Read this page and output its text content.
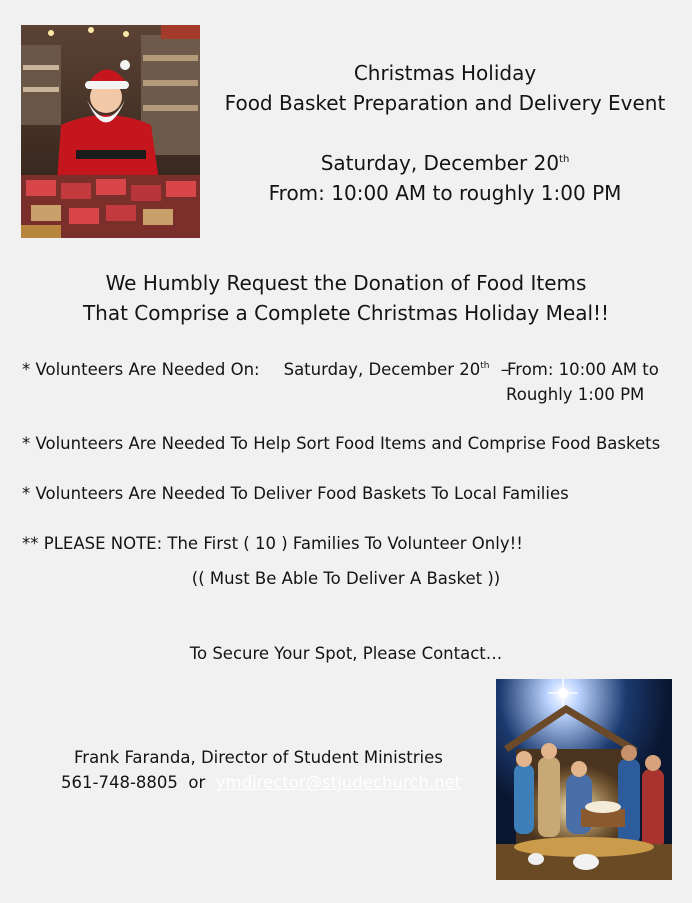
Christmas Holiday
Food Basket Preparation and Delivery Event
Saturday, December 20th
From: 10:00 AM to roughly 1:00 PM
We Humbly Request the Donation of Food Items
That Comprise a Complete Christmas Holiday Meal!!
* Volunteers Are Needed On: Saturday, December 20th –
From: 10:00 AM to
Roughly 1:00 PM
* Volunteers Are Needed To Help Sort Food Items and Comprise Food Baskets
* Volunteers Are Needed To Deliver Food Baskets To Local Families
** PLEASE NOTE: The First ( 10 ) Families To Volunteer Only!!
(( Must Be Able To Deliver A Basket ))
To Secure Your Spot, Please Contact…
Frank Faranda, Director of Student Ministries
561-748-8805 or ymdirector@stjudechurch.net
